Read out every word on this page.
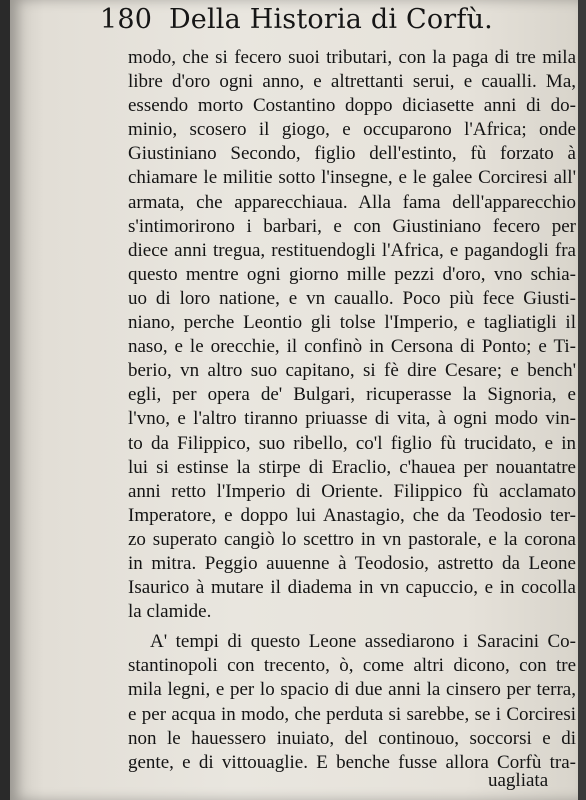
180 Della Historia di Corfù.
modo, che si fecero suoi tributari, con la paga di tre mila
libre d'oro ogni anno, e altrettanti serui, e caualli. Ma,
essendo morto Costantino doppo diciasette anni di do-
minio, scosero il giogo, e occuparono l'Africa; onde
Giustiniano Secondo, figlio dell'estinto, fù forzato à
chiamare le militie sotto l'insegne, e le galee Corciresi all'
armata, che apparecchiaua. Alla fama dell'apparecchio
s'intimorirono i barbari, e con Giustiniano fecero per
diece anni tregua, restituendogli l'Africa, e pagandogli fra
questo mentre ogni giorno mille pezzi d'oro, vno schia-
uo di loro natione, e vn cauallo. Poco più fece Giusti-
niano, perche Leontio gli tolse l'Imperio, e tagliatigli il
naso, e le orecchie, il confinò in Cersona di Ponto; e Ti-
berio, vn altro suo capitano, si fè dire Cesare; e bench'
egli, per opera de' Bulgari, ricuperasse la Signoria, e
l'vno, e l'altro tiranno priuasse di vita, à ogni modo vin-
to da Filippico, suo ribello, co'l figlio fù trucidato, e in
lui si estinse la stirpe di Eraclio, c'haueа per nouantatre
anni retto l'Imperio di Oriente. Filippico fù acclamato
Imperatore, e doppo lui Anastagio, che da Teodosio ter-
zo superato cangiò lo scettro in vn pastorale, e la corona
in mitra. Peggio auuenne à Teodosio, astretto da Leone
Isaurico à mutare il diadema in vn capuccio, e in cocolla
la clamide.
A' tempi di questo Leone assediarono i Saracini Co-
stantinopoli con trecento, ò, come altri dicono, con tre
mila legni, e per lo spacio di due anni la cinsero per terra,
e per acqua in modo, che perduta si sarebbe, se i Corciresi
non le hauessero inuiato, del continouo, soccorsi e di
gente, e di vittouaglie. E benche fusse allora Corfù tra-
uagliata
